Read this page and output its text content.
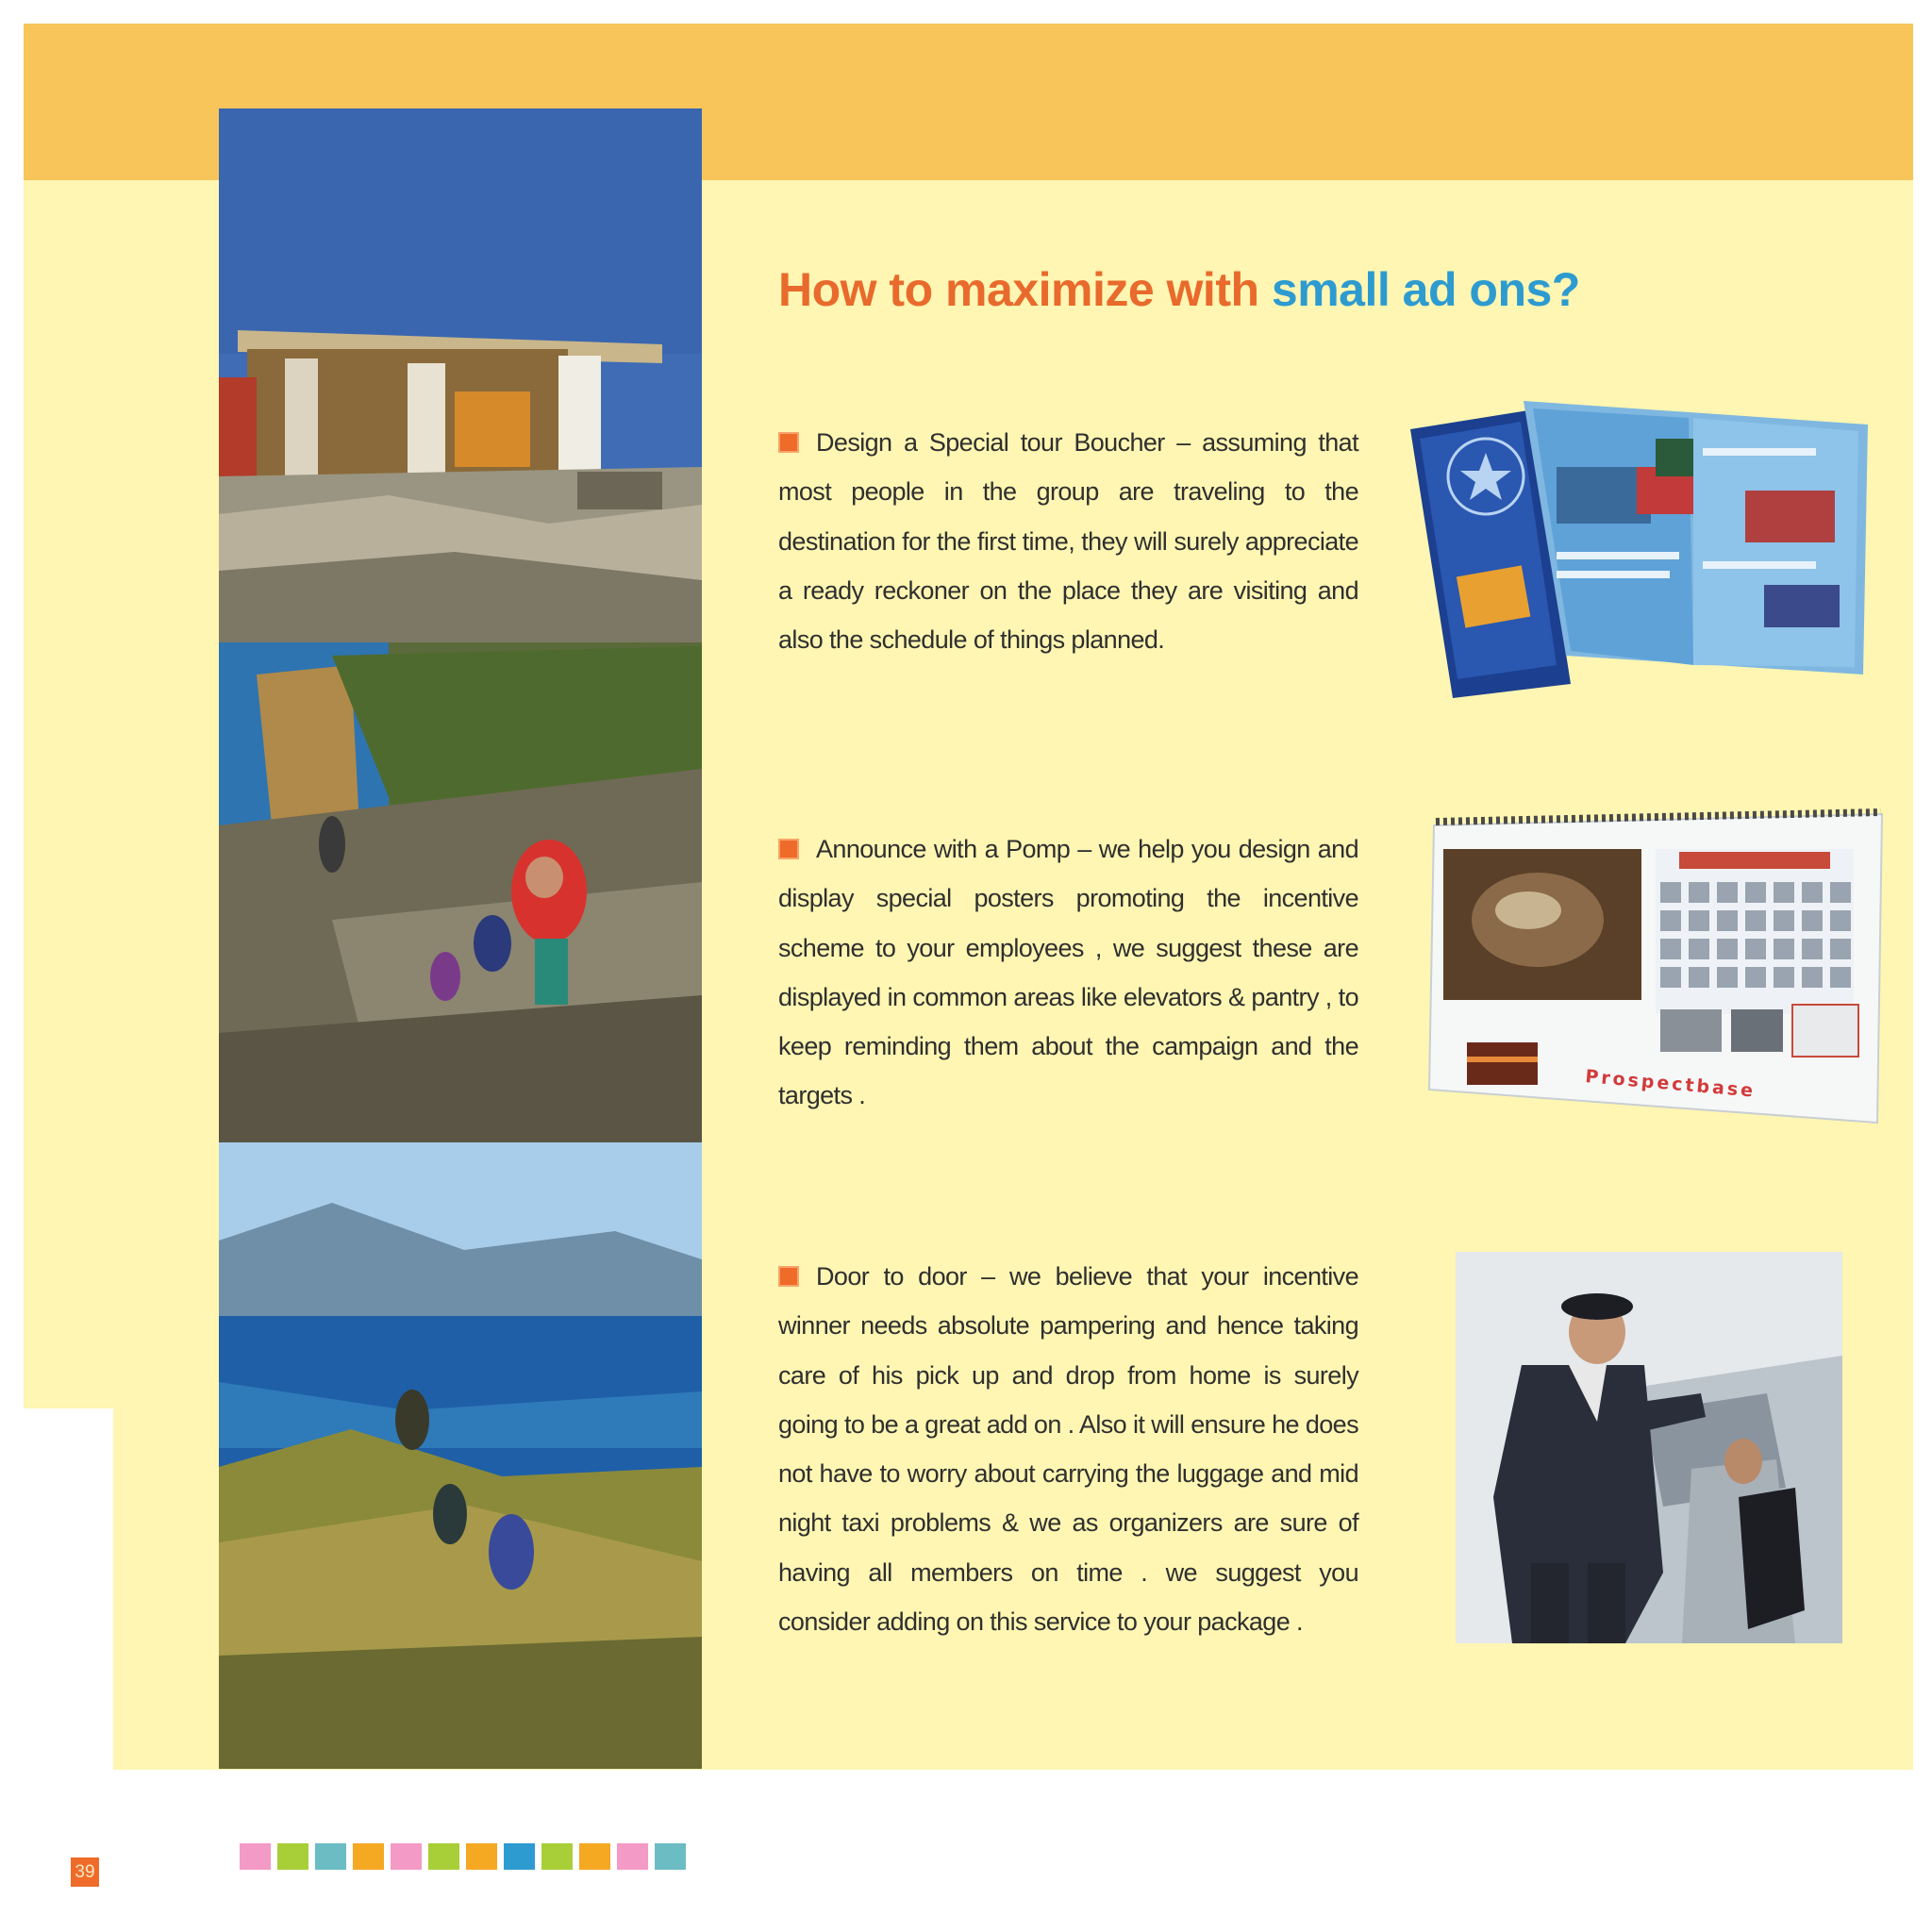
How to maximize with small ad ons?
Design a Special tour Boucher – assuming that most people in the group are traveling to the destination for the first time, they will surely appreciate a ready reckoner on the place they are visiting and also the schedule of things planned.
Announce with a Pomp – we help you design and display special posters promoting the incentive scheme to your employees , we suggest these are displayed in common areas like elevators & pantry , to keep reminding them about the campaign and the targets .
Door to door – we believe that your incentive winner needs absolute pampering and hence taking care of his pick up and drop from home is surely going to be a great add on . Also it will ensure he does not have to worry about carrying the luggage and mid night taxi problems & we as organizers are sure of having all members on time . we suggest you consider adding on this service to your package .
Prospectbase
39
